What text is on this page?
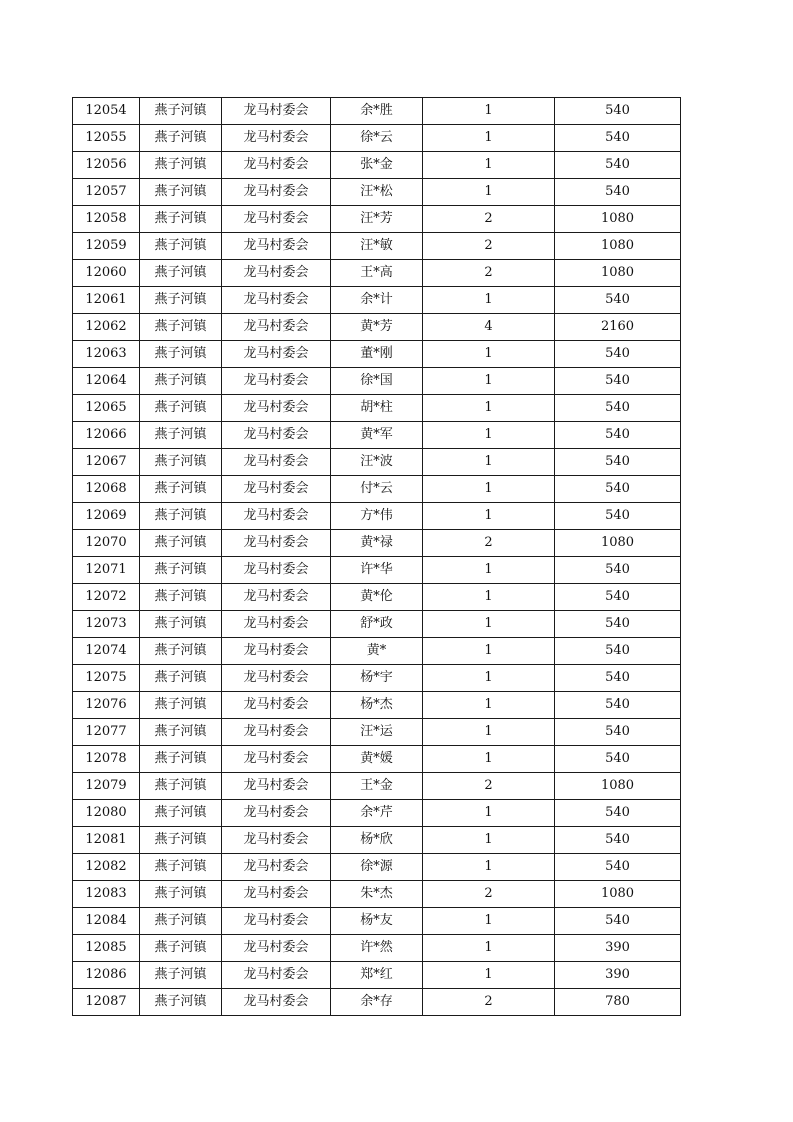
12054	燕子河镇	龙马村委会	余*胜	1	540
12055	燕子河镇	龙马村委会	徐*云	1	540
12056	燕子河镇	龙马村委会	张*金	1	540
12057	燕子河镇	龙马村委会	汪*松	1	540
12058	燕子河镇	龙马村委会	汪*芳	2	1080
12059	燕子河镇	龙马村委会	汪*敏	2	1080
12060	燕子河镇	龙马村委会	王*高	2	1080
12061	燕子河镇	龙马村委会	余*计	1	540
12062	燕子河镇	龙马村委会	黄*芳	4	2160
12063	燕子河镇	龙马村委会	董*刚	1	540
12064	燕子河镇	龙马村委会	徐*国	1	540
12065	燕子河镇	龙马村委会	胡*柱	1	540
12066	燕子河镇	龙马村委会	黄*军	1	540
12067	燕子河镇	龙马村委会	汪*波	1	540
12068	燕子河镇	龙马村委会	付*云	1	540
12069	燕子河镇	龙马村委会	方*伟	1	540
12070	燕子河镇	龙马村委会	黄*禄	2	1080
12071	燕子河镇	龙马村委会	许*华	1	540
12072	燕子河镇	龙马村委会	黄*伦	1	540
12073	燕子河镇	龙马村委会	舒*政	1	540
12074	燕子河镇	龙马村委会	黄*	1	540
12075	燕子河镇	龙马村委会	杨*宇	1	540
12076	燕子河镇	龙马村委会	杨*杰	1	540
12077	燕子河镇	龙马村委会	汪*运	1	540
12078	燕子河镇	龙马村委会	黄*媛	1	540
12079	燕子河镇	龙马村委会	王*金	2	1080
12080	燕子河镇	龙马村委会	余*芹	1	540
12081	燕子河镇	龙马村委会	杨*欣	1	540
12082	燕子河镇	龙马村委会	徐*源	1	540
12083	燕子河镇	龙马村委会	朱*杰	2	1080
12084	燕子河镇	龙马村委会	杨*友	1	540
12085	燕子河镇	龙马村委会	许*然	1	390
12086	燕子河镇	龙马村委会	郑*红	1	390
12087	燕子河镇	龙马村委会	余*存	2	780
